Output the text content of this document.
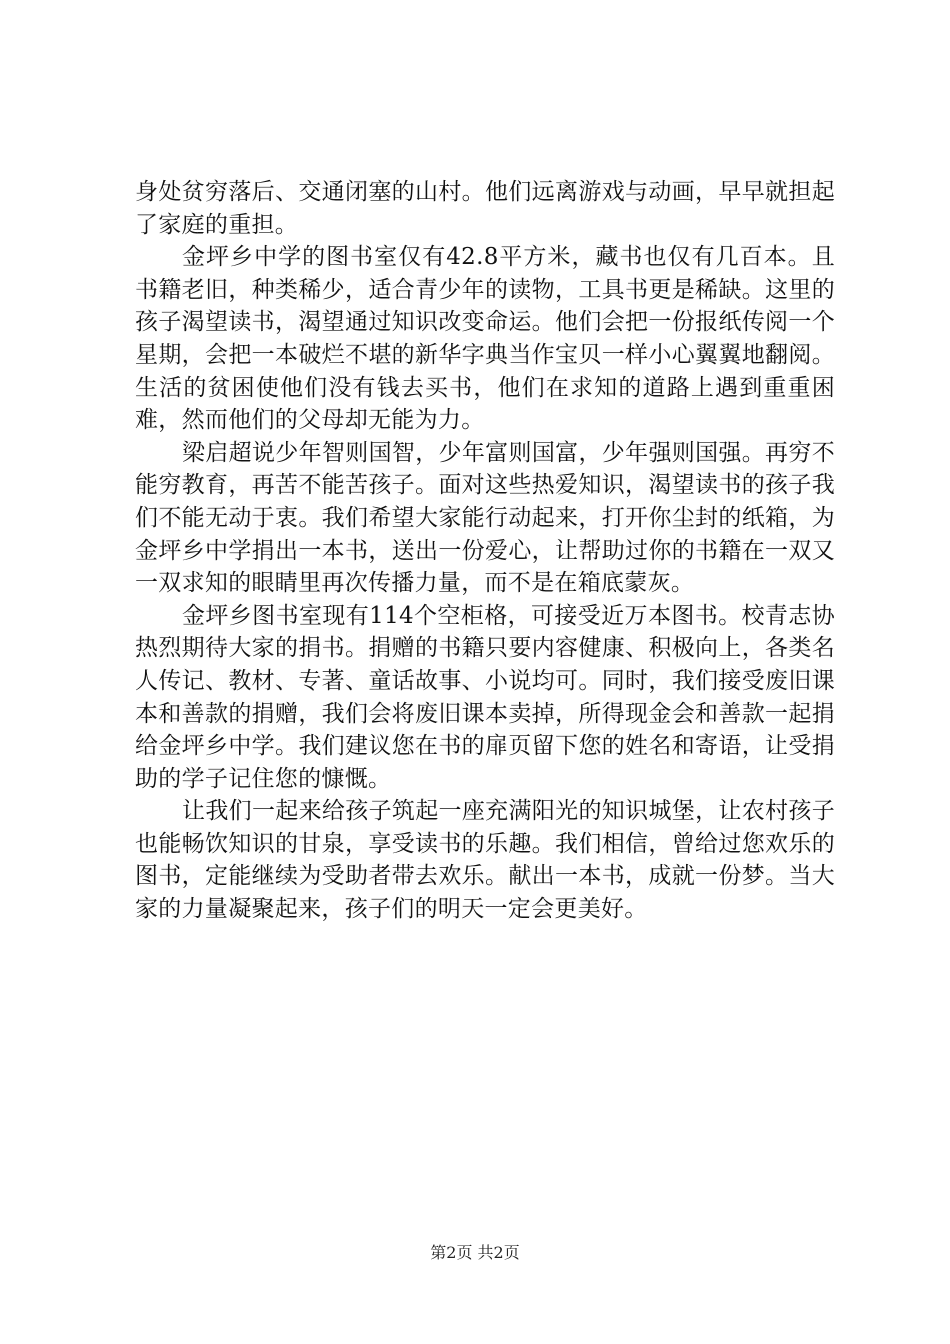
身处贫穷落后、交通闭塞的山村。他们远离游戏与动画，早早就担起了家庭的重担。

金坪乡中学的图书室仅有42.8平方米，藏书也仅有几百本。且书籍老旧，种类稀少，适合青少年的读物，工具书更是稀缺。这里的孩子渴望读书，渴望通过知识改变命运。他们会把一份报纸传阅一个星期，会把一本破烂不堪的新华字典当作宝贝一样小心翼翼地翻阅。生活的贫困使他们没有钱去买书，他们在求知的道路上遇到重重困难，然而他们的父母却无能为力。

梁启超说少年智则国智，少年富则国富，少年强则国强。再穷不能穷教育，再苦不能苦孩子。面对这些热爱知识，渴望读书的孩子我们不能无动于衷。我们希望大家能行动起来，打开你尘封的纸箱，为金坪乡中学捐出一本书，送出一份爱心，让帮助过你的书籍在一双又一双求知的眼睛里再次传播力量，而不是在箱底蒙灰。

金坪乡图书室现有114个空柜格，可接受近万本图书。校青志协热烈期待大家的捐书。捐赠的书籍只要内容健康、积极向上，各类名人传记、教材、专著、童话故事、小说均可。同时，我们接受废旧课本和善款的捐赠，我们会将废旧课本卖掉，所得现金会和善款一起捐给金坪乡中学。我们建议您在书的扉页留下您的姓名和寄语，让受捐助的学子记住您的慷慨。

让我们一起来给孩子筑起一座充满阳光的知识城堡，让农村孩子也能畅饮知识的甘泉，享受读书的乐趣。我们相信，曾给过您欢乐的图书，定能继续为受助者带去欢乐。献出一本书，成就一份梦。当大家的力量凝聚起来，孩子们的明天一定会更美好。

第2页 共2页
